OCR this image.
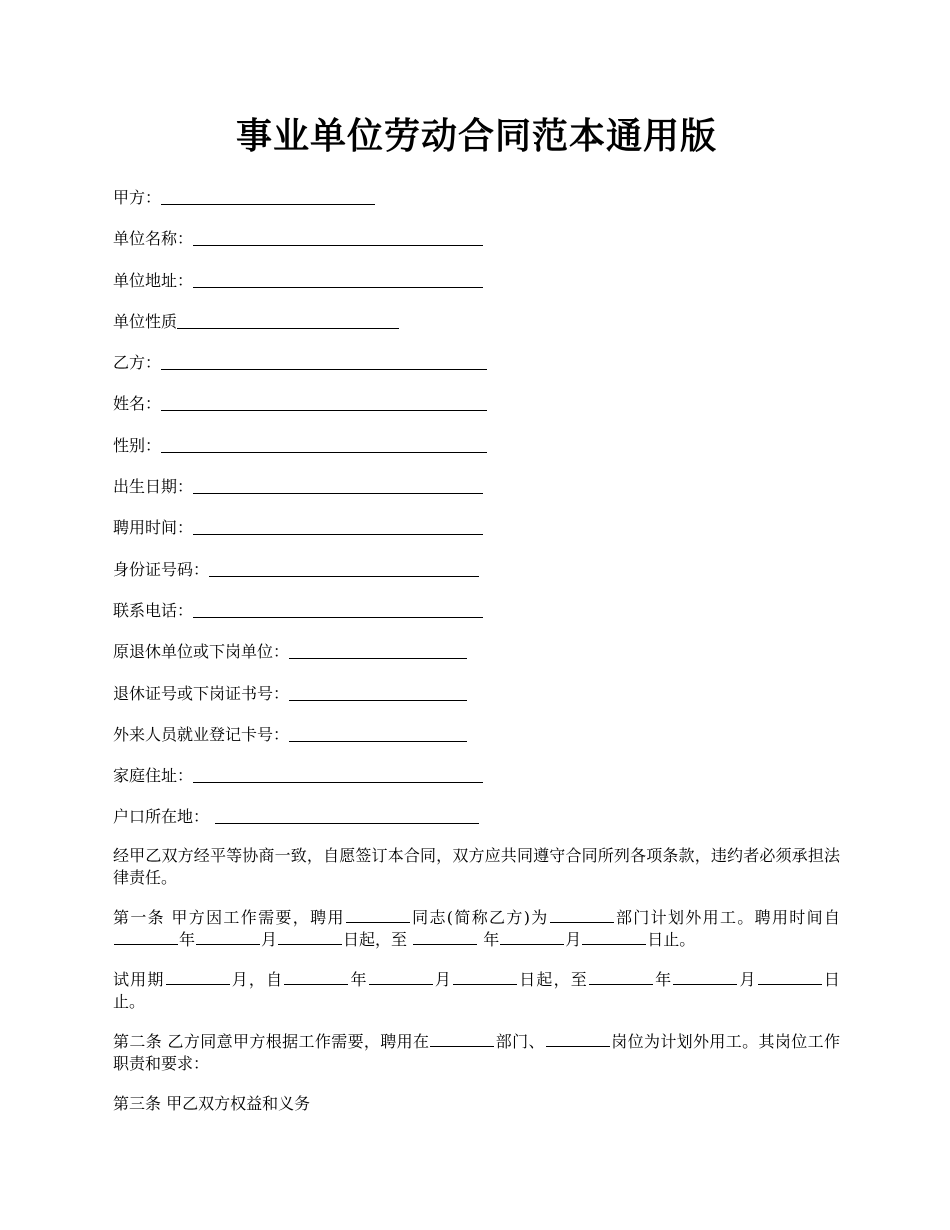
事业单位劳动合同范本通用版
甲方：
单位名称：
单位地址：
单位性质
乙方：
姓名：
性别：
出生日期：
聘用时间：
身份证号码：
联系电话：
原退休单位或下岗单位：
退休证号或下岗证书号：
外来人员就业登记卡号：
家庭住址：
户口所在地：

经甲乙双方经平等协商一致，自愿签订本合同，双方应共同遵守合同所列各项条款，违约者必须承担法律责任。

第一条 甲方因工作需要，聘用	同志(简称乙方)为	部门计划外用工。聘用时间自年	月	日起，至	年	月	日止。

试用期	月，自	年	月	日起，至	年	月	日止。

第二条 乙方同意甲方根据工作需要，聘用在	部门、	岗位为计划外用工。其岗位工作职责和要求：

第三条 甲乙双方权益和义务
